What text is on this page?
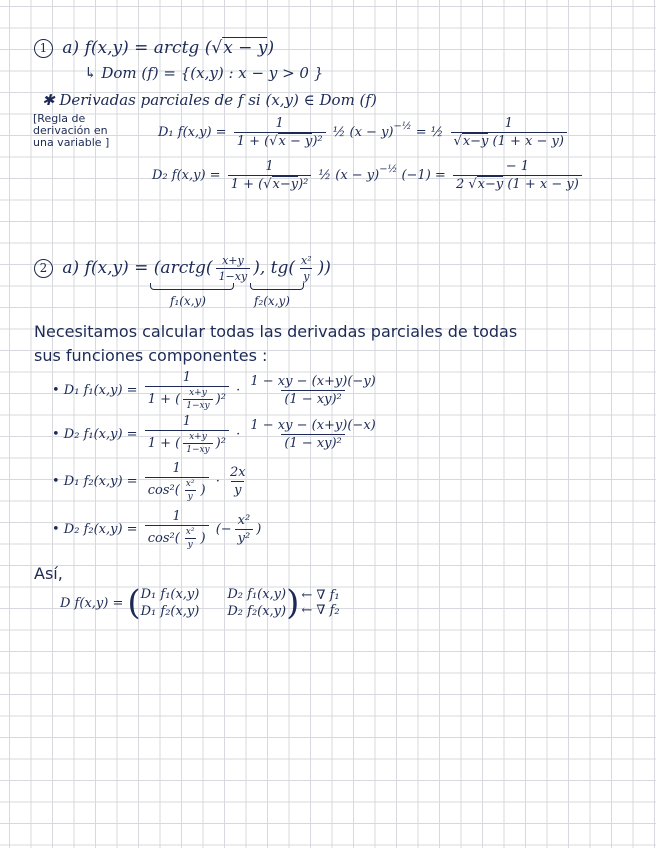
1 a) f(x,y) = arctg (√x − y)
↳ Dom (f) = {(x,y) : x − y > 0 }
✱ Derivadas parciales de f si (x,y) ∈ Dom (f)
[Regla de
derivación en
una variable ]
D₁ $f(x,y) = \frac{1}{\text{1 + (√x − y)²}}$ ½ $(x - y)^{-\frac{1}{2}}$ = ½ $\frac{1}{√x-y (1 + x - y)}$
D₂ $f(x,y) = \frac{1}{\text{1 + (√x−y)²}}$ ½ $(x - y)^{-\frac{1}{2}}$ $(-1) = \frac{- 1}{2 √x-y (1 + x - y)}$
2 a) f(x,y) = (arctg( $\frac{x+y}{1-xy}$ ), $tg( \frac{\text{x²}}{y}$ ))
f₁(x,y)	f₂(x,y)
Necesitamos calcular todas las derivadas parciales de todas
sus funciones componentes :
• D₁ $f_1(x,y) = \frac{1}{1 + ( \frac{x+y}{1-xy} )^2} \cdot \frac{1 - xy - (x+y)(-y)}{\text{(1 − xy)²}}$
• D₂ $f_1(x,y) = \frac{1}{1 + ( \frac{x+y}{1-xy} )^2} \cdot \frac{1 - xy - (x+y)(-x)}{\text{(1 − xy)²}}$
• D₁ $f_2(x,y) = \frac{1}{\cos^2( \frac{\text{x²}}{y} )} \cdot \frac{2x}{y}$
• D₂ $f_2(x,y) = \frac{1}{\cos^2( \frac{\text{x²}}{y} )}$ (− $\frac{\text{x²}}{\text{y²}}$ )
Así,
D f(x,y) = ( D₁ f₁(x,y) D₂ f₁(x,y)
D₁ f₂(x,y) D₂ f₂(x,y) ) ← ∇ f₁
← ∇ f₂
